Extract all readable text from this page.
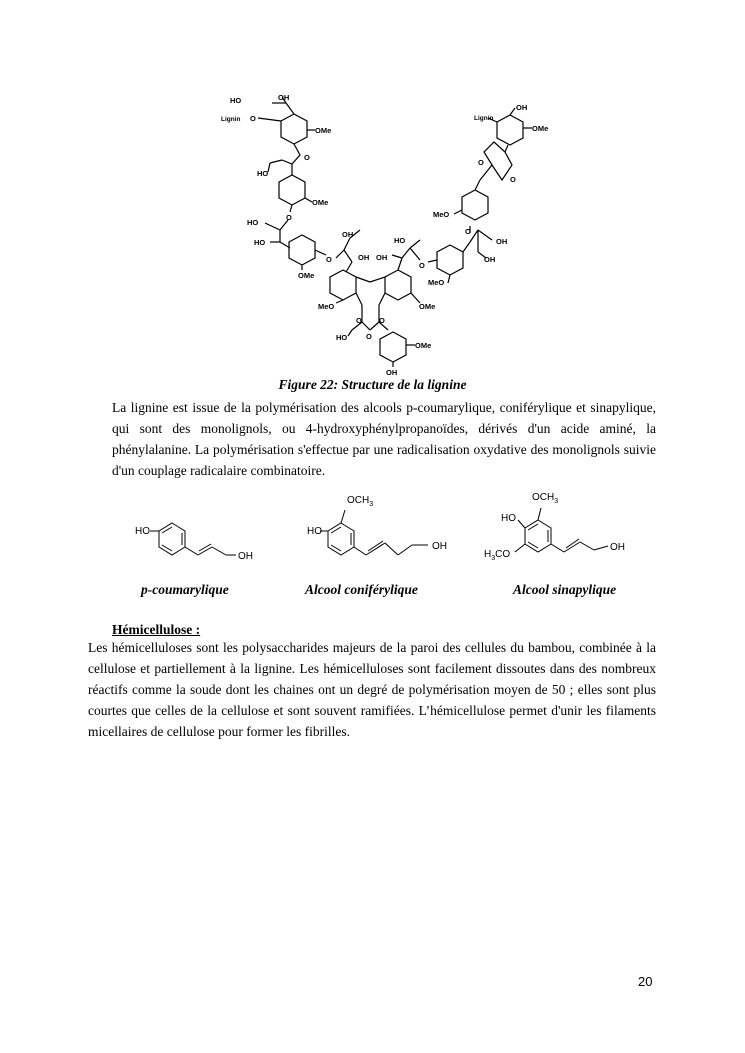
HO	OH
Lignin O
OMe
O
HO
OMe
O
HO
HO
OMe
O
OH
OH
HO
O
OH
MeO	OMe
O O
HO	O
OMe
OH
MeO
Lignin
OH
OMe
O
O
MeO
O
OH
OH

Figure 22: Structure de la lignine

La lignine est issue de la polymérisation des alcools p-coumarylique, coniférylique et sinapylique, qui sont des monolignols, ou 4-hydroxyphénylpropanoïdes, dérivés d'un acide aminé, la phénylalanine. La polymérisation s'effectue par une radicalisation oxydative des monolignols suivie d'un couplage radicalaire combinatoire.

HO
OH
$OCH_3$
HO
OH
$OCH_3$
HO
$H_3CO$
OH

p-coumarylique	Alcool coniférylique	Alcool sinapylique

Hémicellulose :

Les hémicelluloses sont les polysaccharides majeurs de la paroi des cellules du bambou, combinée à la cellulose et partiellement à la lignine. Les hémicelluloses sont facilement dissoutes dans des nombreux réactifs comme la soude dont les chaines ont un degré de polymérisation moyen de 50 ; elles sont plus courtes que celles de la cellulose et sont souvent ramifiées. L’hémicellulose permet d'unir les filaments micellaires de cellulose pour former les fibrilles.

20
